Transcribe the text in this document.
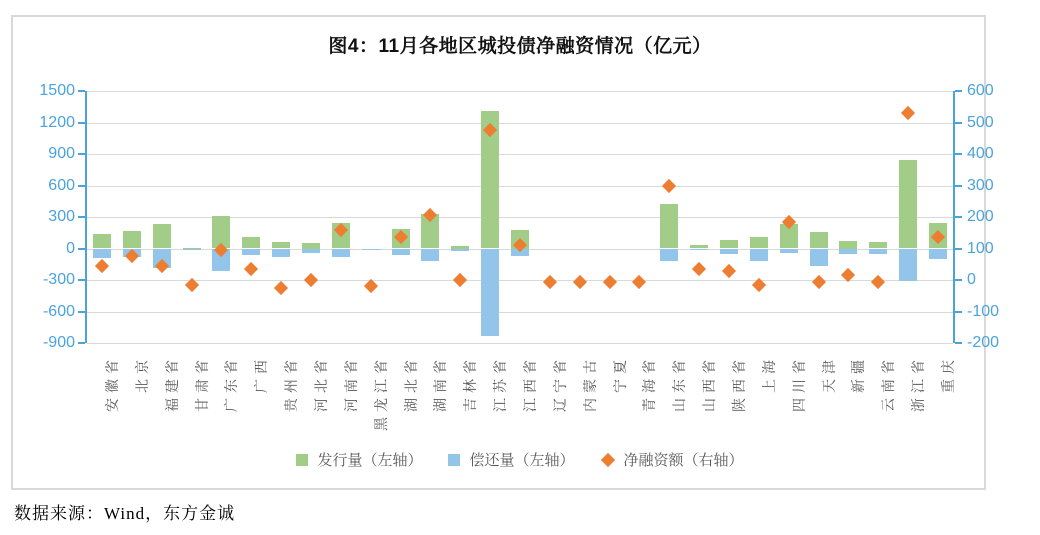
图4：11月各地区城投债净融资情况（亿元）
1500
1200
900
600
300
0
-300
-600
-900
600
500
400
300
200
100
0
-100
-200
安徽省 北京 福建省 甘肃省 广东省 广西 贵州省 河北省 河南省 黑龙江省 湖北省 湖南省 吉林省 江苏省 江西省 辽宁省 内蒙古 宁夏 青海省 山东省 山西省 陕西省 上海 四川省 天津 新疆 云南省 浙江省 重庆
发行量（左轴）	偿还量（左轴）	净融资额（右轴）
数据来源：Wind，东方金诚
